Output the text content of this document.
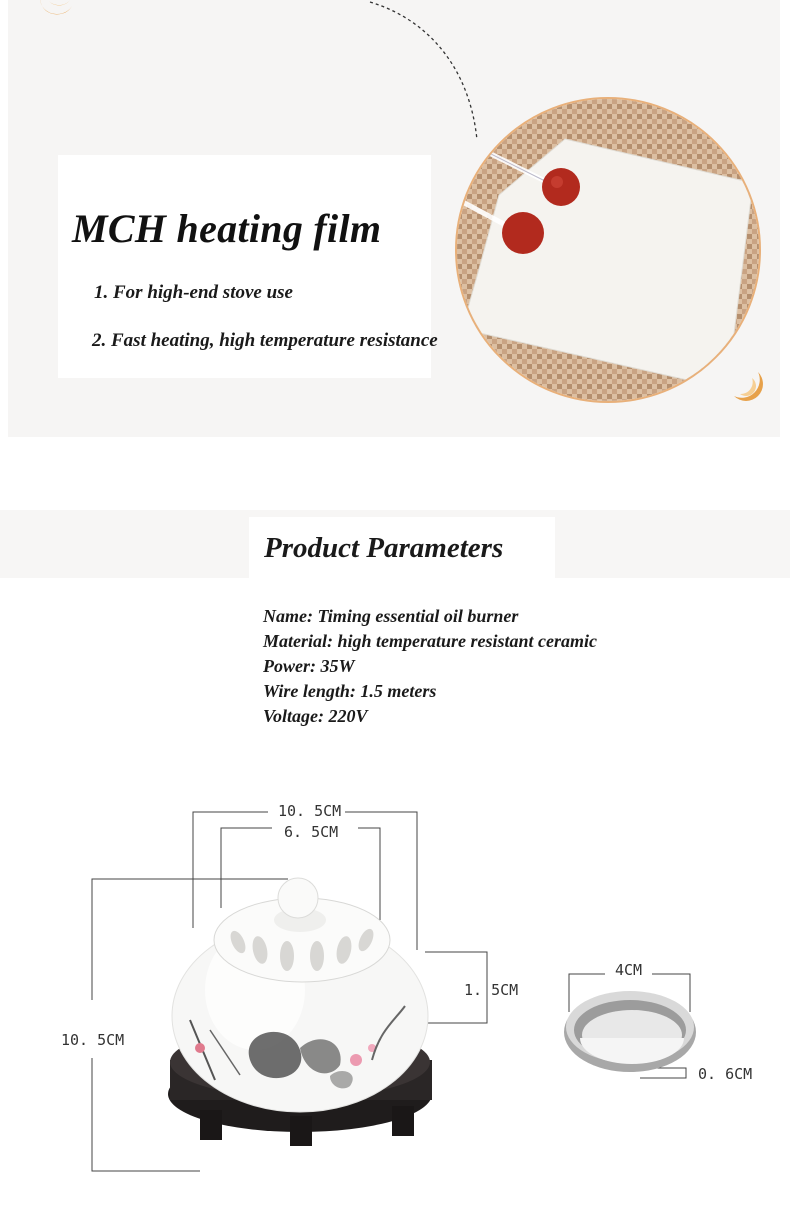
MCH heating film
1. For high-end stove use
2. Fast heating, high temperature resistance
Product Parameters
Name: Timing essential oil burner
Material: high temperature resistant ceramic
Power: 35W
Wire length: 1.5 meters
Voltage: 220V
10. 5CM
6. 5CM
10. 5CM
1. 5CM
4CM
0. 6CM
